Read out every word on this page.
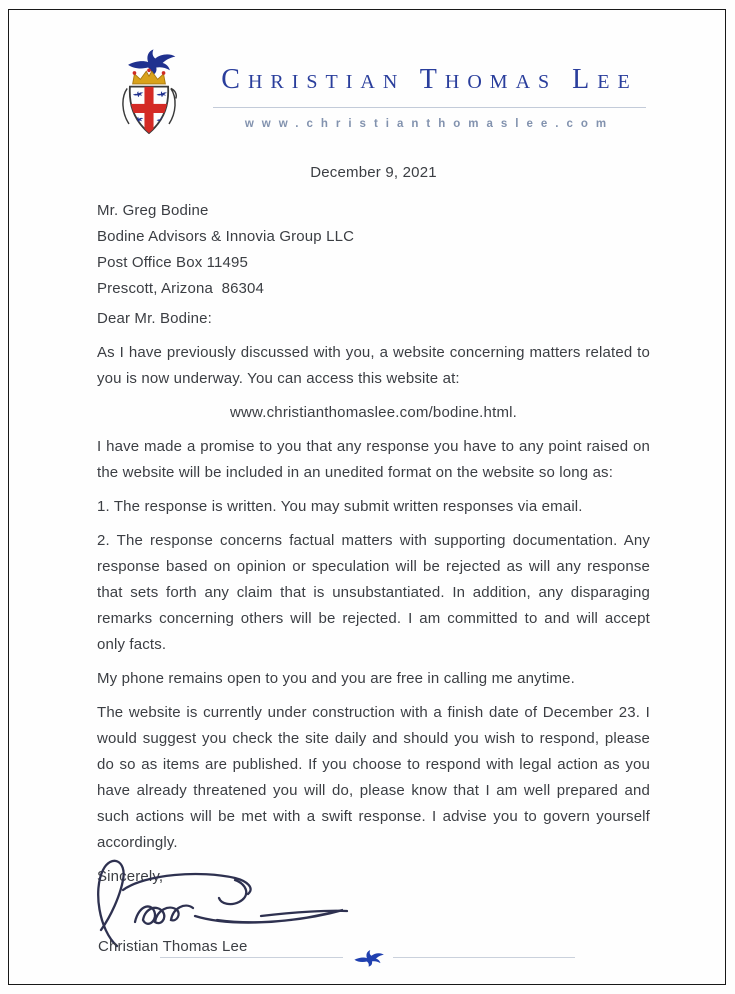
Christian Thomas Lee
www.christianthomaslee.com
December 9, 2021
Mr. Greg Bodine
Bodine Advisors & Innovia Group LLC
Post Office Box 11495
Prescott, Arizona  86304

Dear Mr. Bodine:

As I have previously discussed with you, a website concerning matters related to you is now underway. You can access this website at:

www.christianthomaslee.com/bodine.html.

I have made a promise to you that any response you have to any point raised on the website will be included in an unedited format on the website so long as:

1. The response is written. You may submit written responses via email.

2. The response concerns factual matters with supporting documentation. Any response based on opinion or speculation will be rejected as will any response that sets forth any claim that is unsubstantiated. In addition, any disparaging remarks concerning others will be rejected. I am committed to and will accept only facts.

My phone remains open to you and you are free in calling me anytime.

The website is currently under construction with a finish date of December 23. I would suggest you check the site daily and should you wish to respond, please do so as items are published. If you choose to respond with legal action as you have already threatened you will do, please know that I am well prepared and such actions will be met with a swift response. I advise you to govern yourself accordingly.

Sincerely,
Christian Thomas Lee
